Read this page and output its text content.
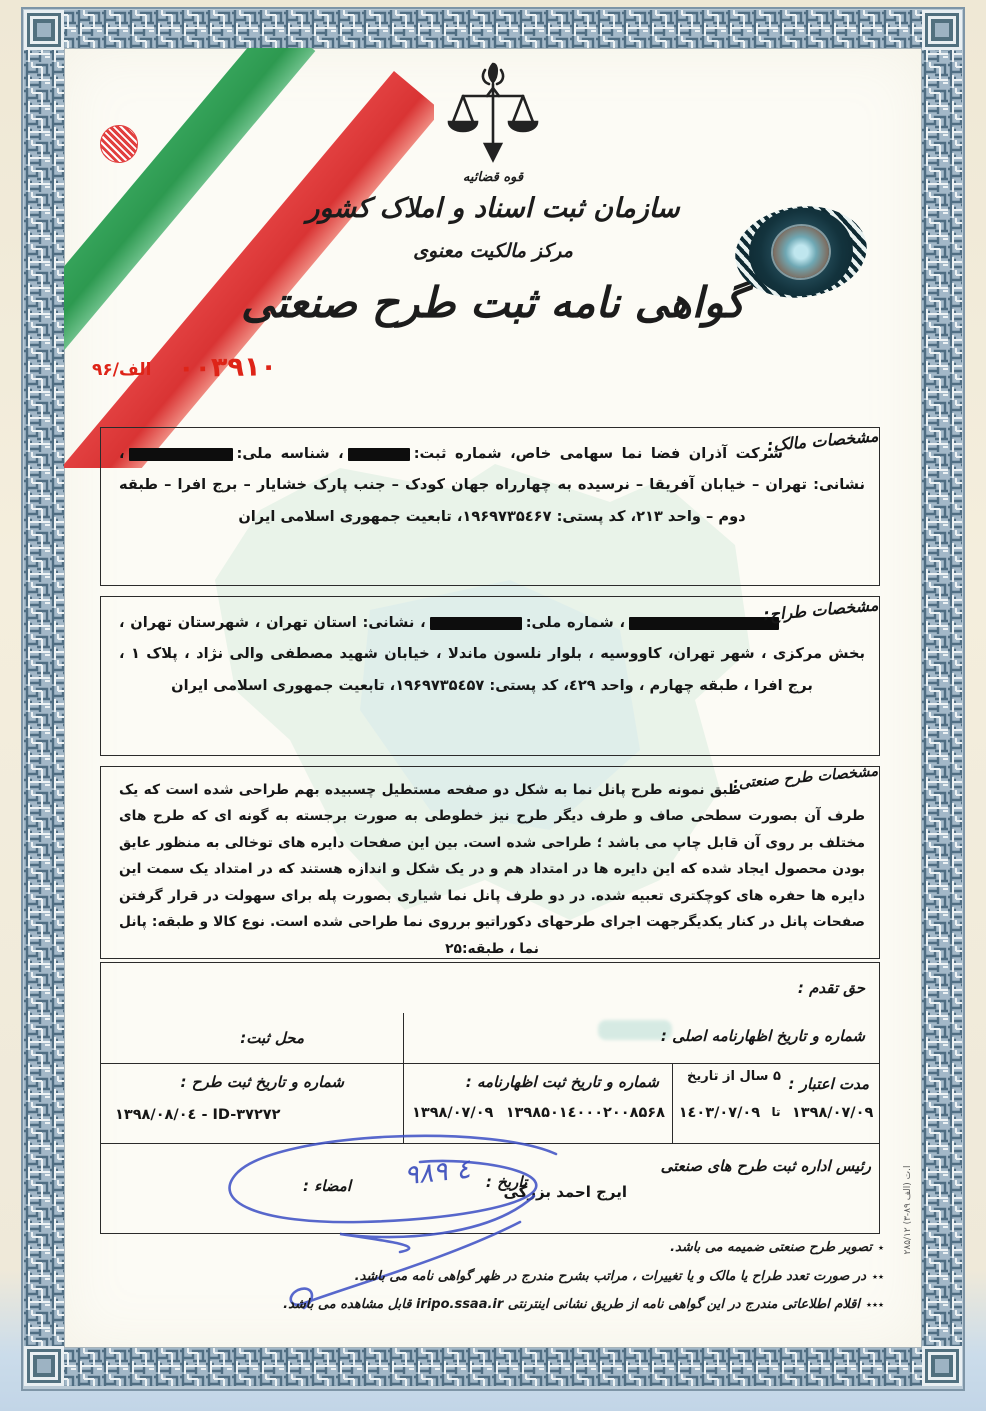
قوه قضائیه
سازمان ثبت اسناد و املاک کشور
مرکز مالکیت معنوی
گواهی نامه ثبت طرح صنعتی
۰۰۳۹۱۰
الف/۹۶
مشخصات مالک:
شرکت آذران فضا نما سهامی خاص، شماره ثبت:، شناسه ملی:، نشانی: تهران – خیابان آفریقا – نرسیده به چهارراه جهان کودک – جنب پارک خشایار – برج افرا – طبقه دوم – واحد ۲۱۳، کد پستی: ۱۹۶۹۷۳۵٤۶۷، تابعیت جمهوری اسلامی ایران
مشخصات طراح:
، شماره ملی:، نشانی: استان تهران ، شهرستان تهران ، بخش مرکزی ، شهر تهران، کاووسیه ، بلوار نلسون ماندلا ، خیابان شهید مصطفی والی نژاد ، پلاک ۱ ، برج افرا ، طبقه چهارم ، واحد ٤۲۹، کد پستی: ۱۹۶۹۷۳۵٤۵۷، تابعیت جمهوری اسلامی ایران
مشخصات طرح صنعتی:
طبق نمونه طرح پانل نما به شکل دو صفحه مستطیل چسبیده بهم طراحی شده است که یک طرف آن بصورت سطحی صاف و طرف دیگر طرح نیز خطوطی به صورت برجسته به گونه ای که طرح های مختلف بر روی آن قابل چاپ می باشد ؛ طراحی شده است. بین این صفحات دایره های توخالی به منظور عایق بودن محصول ایجاد شده که این دایره ها در امتداد هم و در یک شکل و اندازه هستند که در امتداد یک سمت این دایره ها حفره های کوچکتری تعبیه شده. در دو طرف پانل نما شیاری بصورت پله برای سهولت در قرار گرفتن صفحات پانل در کنار یکدیگرجهت اجرای طرحهای دکوراتیو برروی نما طراحی شده است. نوع کالا و طبقه: پانل نما ، طبقه:۲۵
حق تقدم :
شماره و تاریخ اظهارنامه اصلی :
محل ثبت:
مدت اعتبار :
۵ سال از تاریخ
۱۳۹۸/۰۷/۰۹
تا
۱٤۰۳/۰۷/۰۹
شماره و تاریخ ثبت اظهارنامه :
۱۳۹۸۵۰۱٤۰۰۰۲۰۰۸۵۶۸
۱۳۹۸/۰۷/۰۹
شماره و تاریخ ثبت طرح :
۱۳۹۸/۰۸/۰٤ - ID-۳۷۲۷۲
رئیس اداره ثبت طرح های صنعتی
ایرج احمد بزرگی
تاریخ :
٤ ٩٨٩
امضاء :
٭تصویر طرح صنعتی ضمیمه می باشد.
٭٭در صورت تعدد طراح یا مالک و یا تغییرات ، مراتب بشرح مندرج در ظهر گواهی نامه می باشد.
٭٭٭اقلام اطلاعاتی مندرج در این گواهی نامه از طریق نشانی اینترنتی iripo.ssaa.ir قابل مشاهده می باشد.
۲۸۵/۱۲ (الف ۸۹-۳) ا.ت
